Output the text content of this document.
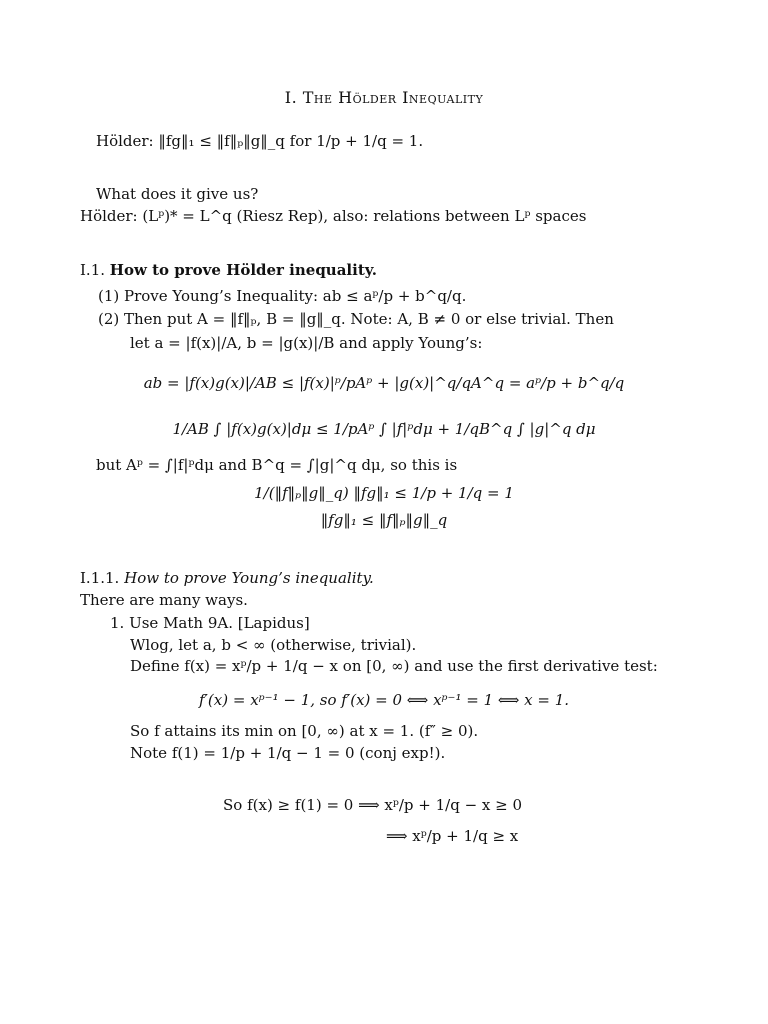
I. The Hölder Inequality
Hölder: ‖fg‖₁ ≤ ‖f‖ₚ‖g‖_q for 1/p + 1/q = 1.
What does it give us?
Hölder: (Lᵖ)* = L^q (Riesz Rep), also: relations between Lᵖ spaces
I.1. How to prove Hölder inequality.
(1) Prove Young’s Inequality: ab ≤ aᵖ/p + b^q/q.
(2) Then put A = ‖f‖ₚ, B = ‖g‖_q. Note: A, B ≠ 0 or else trivial. Then
let a = |f(x)|/A, b = |g(x)|/B and apply Young’s:
ab = |f(x)g(x)|/AB ≤ |f(x)|ᵖ/pAᵖ + |g(x)|^q/qA^q = aᵖ/p + b^q/q
1/AB ∫ |f(x)g(x)|dμ ≤ 1/pAᵖ ∫ |f|ᵖdμ + 1/qB^q ∫ |g|^q dμ
but Aᵖ = ∫|f|ᵖdμ and B^q = ∫|g|^q dμ, so this is
1/(‖f‖ₚ‖g‖_q) ‖fg‖₁ ≤ 1/p + 1/q = 1
‖fg‖₁ ≤ ‖f‖ₚ‖g‖_q
I.1.1. How to prove Young’s inequality.
There are many ways.
1. Use Math 9A. [Lapidus]
Wlog, let a, b < ∞ (otherwise, trivial).
Define f(x) = xᵖ/p + 1/q − x on [0, ∞) and use the first derivative test:
f′(x) = xᵖ⁻¹ − 1, so f′(x) = 0 ⟺ xᵖ⁻¹ = 1 ⟺ x = 1.
So f attains its min on [0, ∞) at x = 1. (f″ ≥ 0).
Note f(1) = 1/p + 1/q − 1 = 0 (conj exp!).
So f(x) ≥ f(1) = 0 ⟹ xᵖ/p + 1/q − x ≥ 0
⟹ xᵖ/p + 1/q ≥ x
